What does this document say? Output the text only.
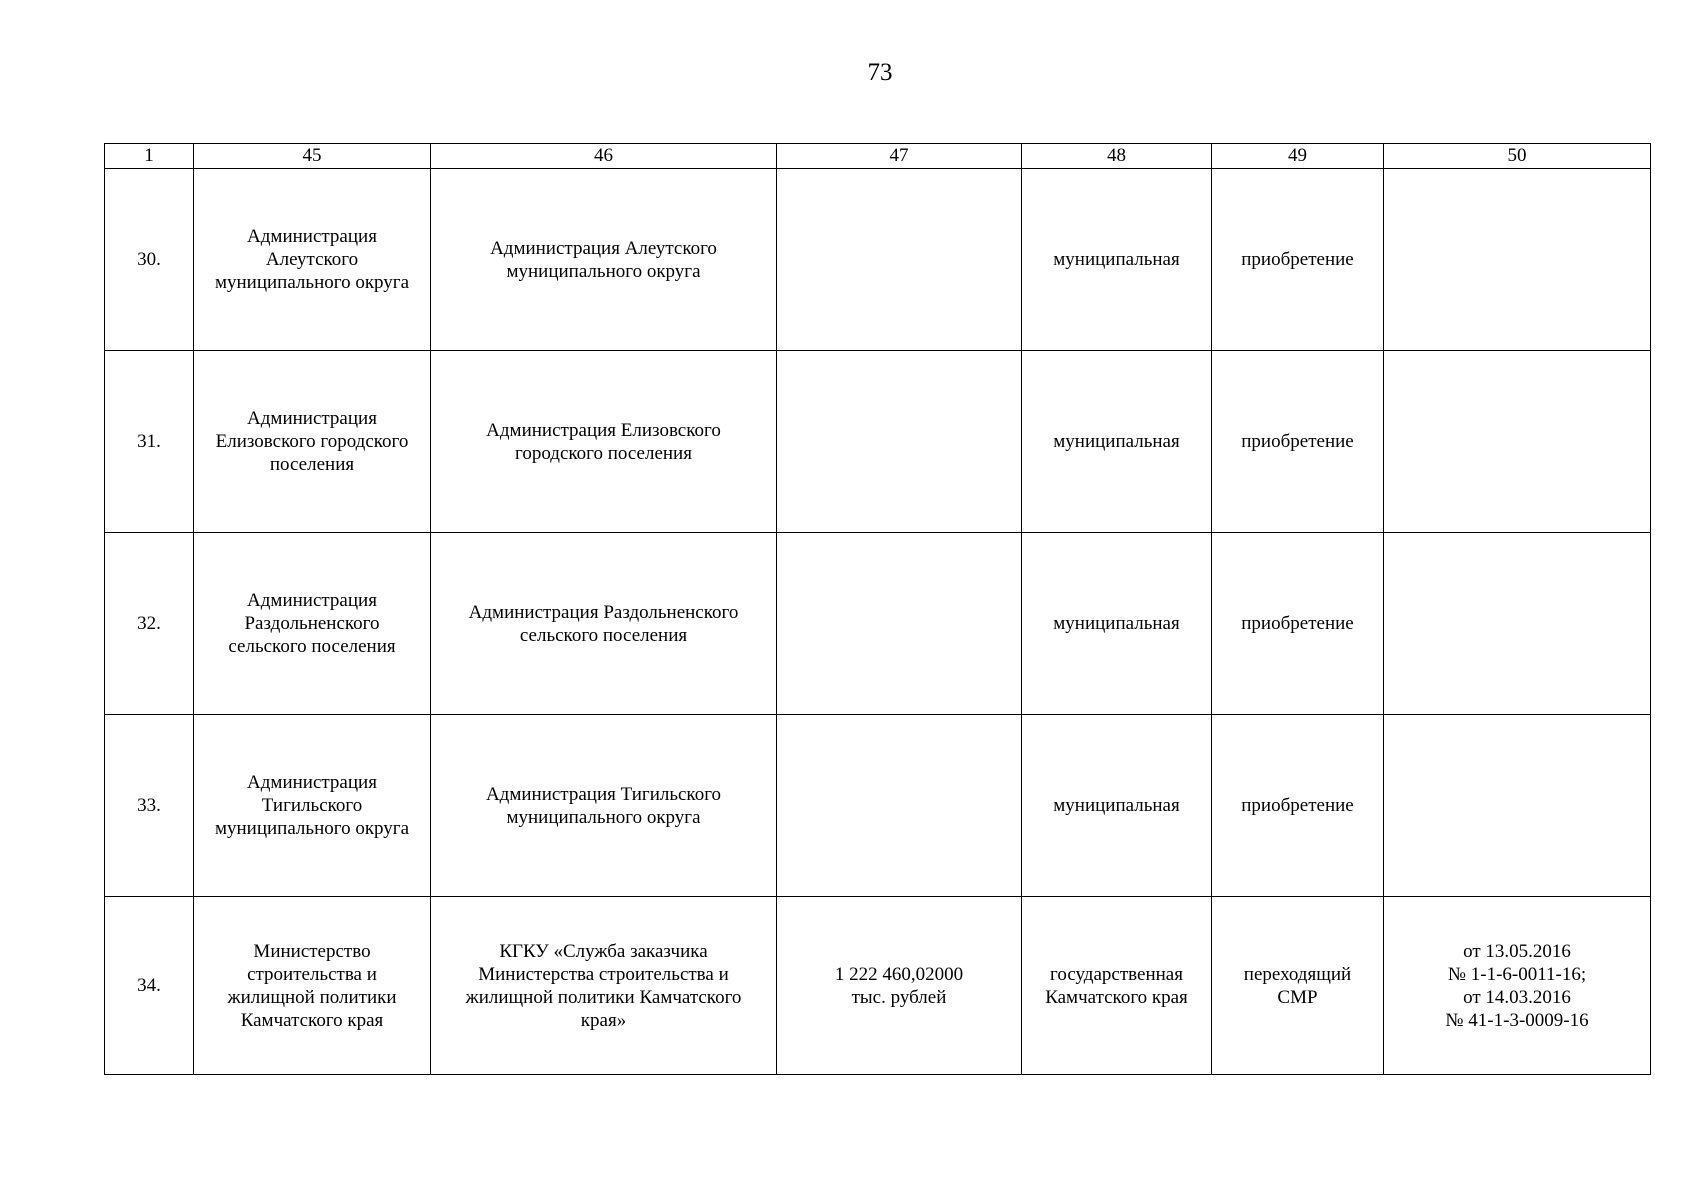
73
1	45	46	47	48	49	50
30.	Администрация
Алеутского
муниципального округа	Администрация Алеутского
муниципального округа		муниципальная	приобретение	
31.	Администрация
Елизовского городского
поселения	Администрация Елизовского
городского поселения		муниципальная	приобретение	
32.	Администрация
Раздольненского
сельского поселения	Администрация Раздольненского
сельского поселения		муниципальная	приобретение	
33.	Администрация
Тигильского
муниципального округа	Администрация Тигильского
муниципального округа		муниципальная	приобретение	
34.	Министерство
строительства и
жилищной политики
Камчатского края	КГКУ «Служба заказчика
Министерства строительства и
жилищной политики Камчатского
края»	1 222 460,02000
тыс. рублей	государственная
Камчатского края	переходящий
СМР	от 13.05.2016
№ 1-1-6-0011-16;
от 14.03.2016
№ 41-1-3-0009-16
